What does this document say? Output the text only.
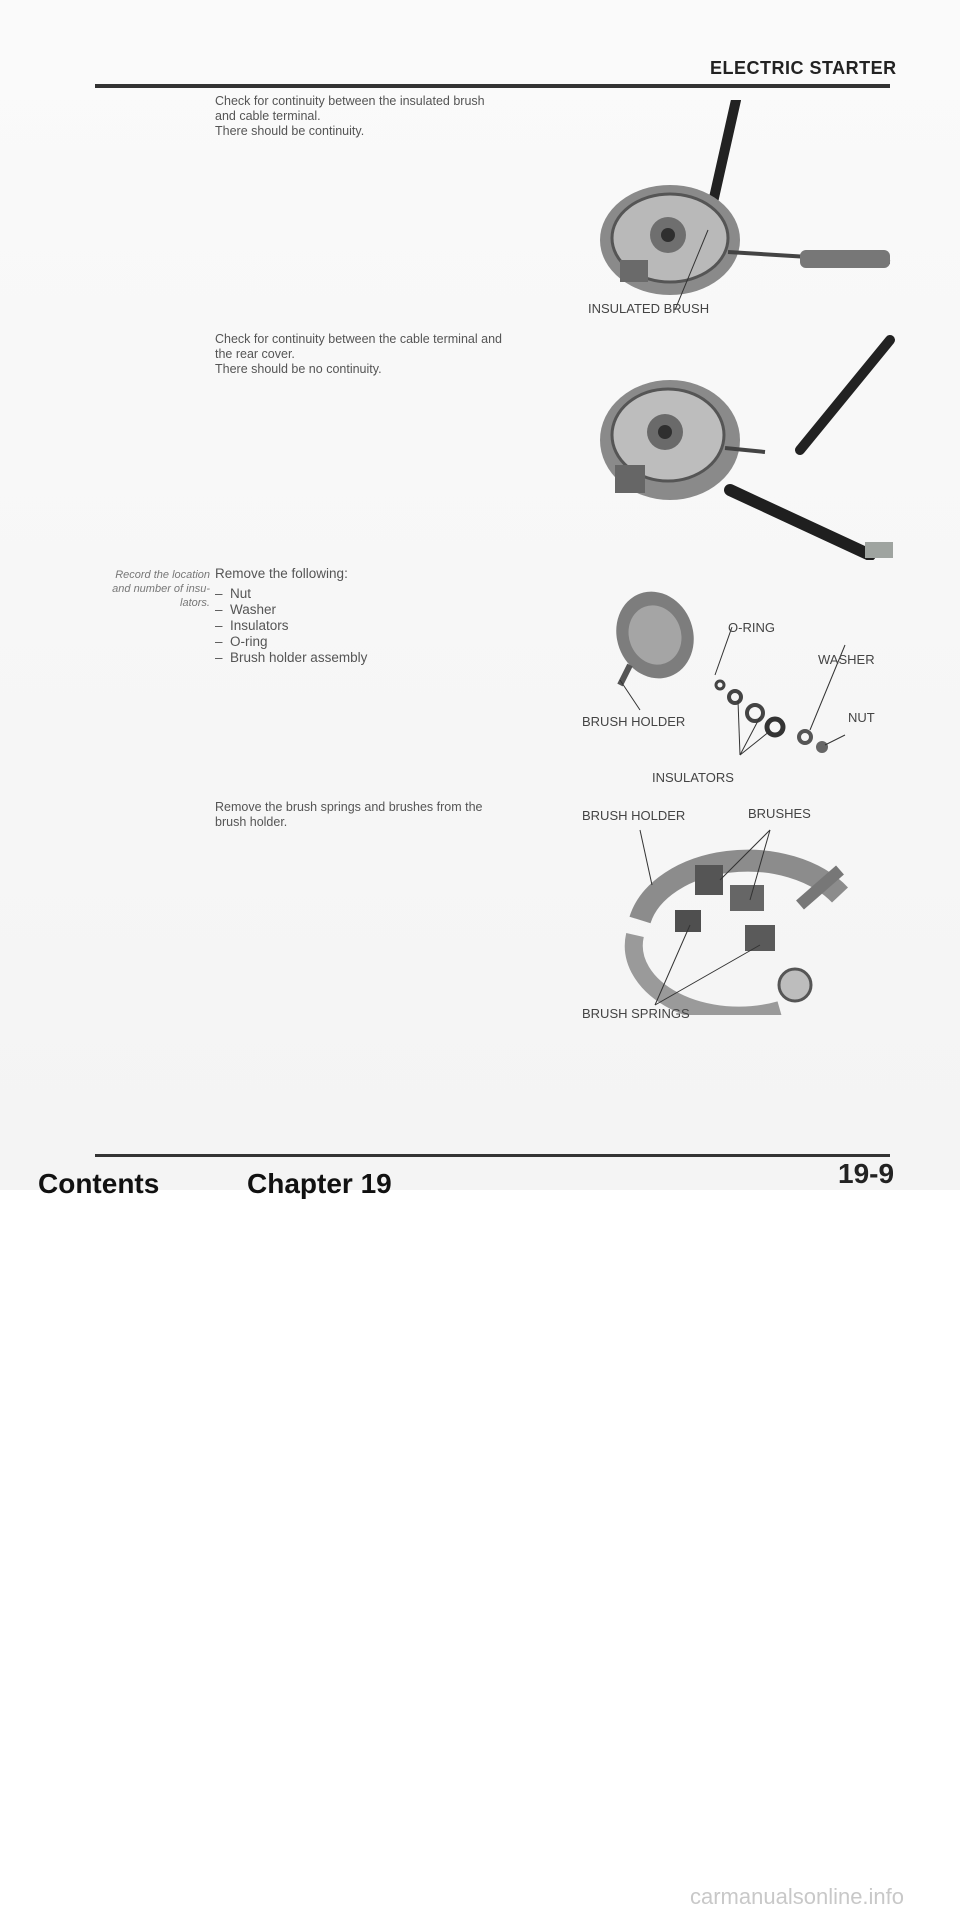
ELECTRIC STARTER
Check for continuity between the insulated brush
and cable terminal.
There should be continuity.
INSULATED BRUSH
Check for continuity between the cable terminal and
the rear cover.
There should be no continuity.
Record the location
and number of insu-
lators.
Remove the following:
–  Nut
–  Washer
–  Insulators
–  O-ring
–  Brush holder assembly
O-RING
WASHER
BRUSH HOLDER	NUT
INSULATORS
Remove the brush springs and brushes from the
brush holder.	BRUSH HOLDER	BRUSHES
BRUSH SPRINGS
Contents	Chapter 19	19-9
carmanualsonline.info
